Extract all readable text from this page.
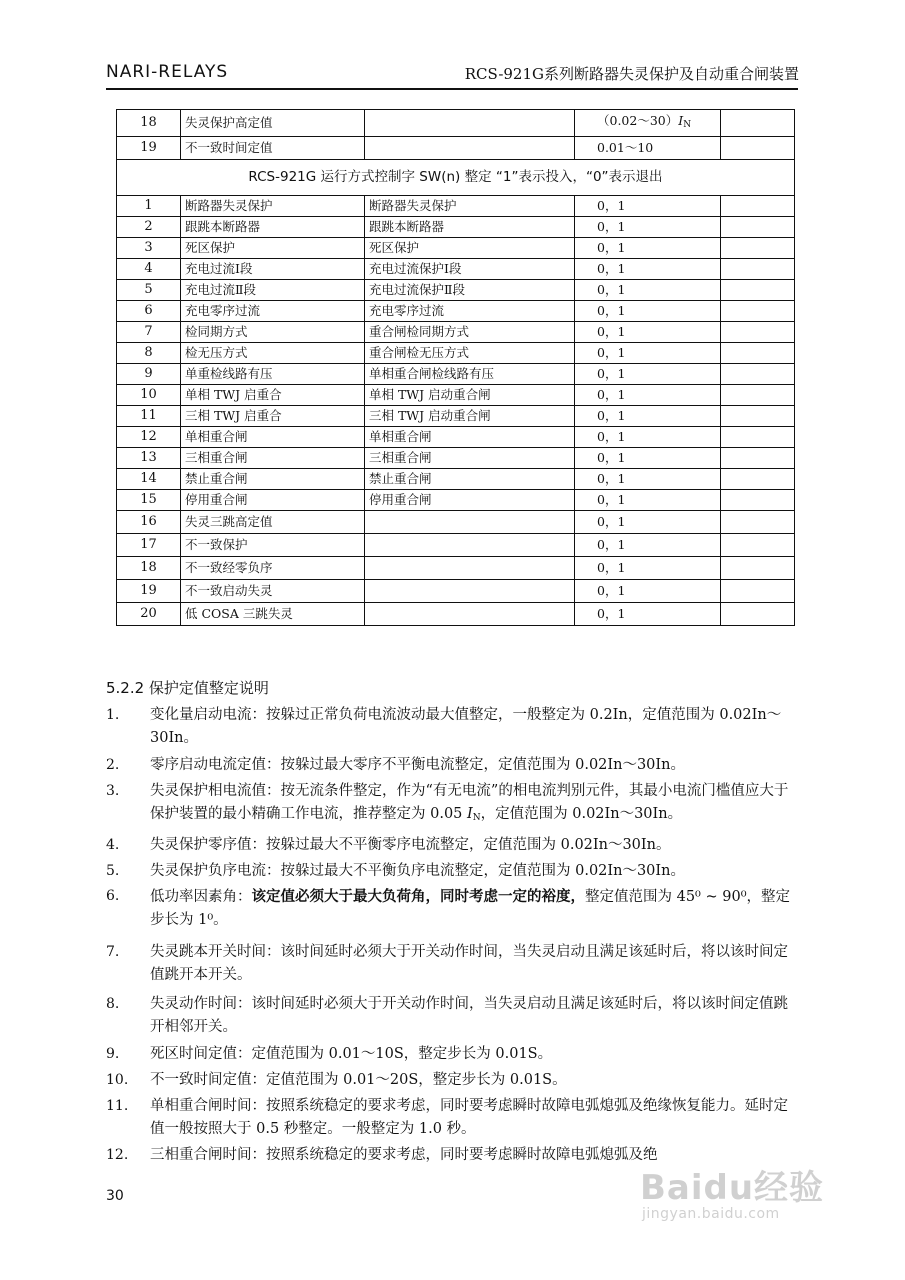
NARI-RELAYS	RCS-921G系列断路器失灵保护及自动重合闸装置
18	失灵保护高定值		$(0.02\sim 30)I_N$	
19	不一致时间定值		0.01～10	
RCS-921G 运行方式控制字 SW(n) 整定 “1”表示投入，“0”表示退出				
1	断路器失灵保护	断路器失灵保护	0，1	
2	跟跳本断路器	跟跳本断路器	0，1	
3	死区保护	死区保护	0，1	
4	充电过流Ⅰ段	充电过流保护Ⅰ段	0，1	
5	充电过流Ⅱ段	充电过流保护Ⅱ段	0，1	
6	充电零序过流	充电零序过流	0，1	
7	检同期方式	重合闸检同期方式	0，1	
8	检无压方式	重合闸检无压方式	0，1	
9	单重检线路有压	单相重合闸检线路有压	0，1	
10	单相 TWJ 启重合	单相 TWJ 启动重合闸	0，1	
11	三相 TWJ 启重合	三相 TWJ 启动重合闸	0，1	
12	单相重合闸	单相重合闸	0，1	
13	三相重合闸	三相重合闸	0，1	
14	禁止重合闸	禁止重合闸	0，1	
15	停用重合闸	停用重合闸	0，1	
16	失灵三跳高定值		0，1	
17	不一致保护		0，1	
18	不一致经零负序		0，1	
19	不一致启动失灵		0，1	
20	低 COSA 三跳失灵		0，1	
5.2.2 保护定值整定说明
1.	变化量启动电流：按躲过正常负荷电流波动最大值整定，一般整定为 0.2In，定值范围为 0.02In～30In。
2.	零序启动电流定值：按躲过最大零序不平衡电流整定，定值范围为 0.02In～30In。
3.	失灵保护相电流值：按无流条件整定，作为“有无电流”的相电流判别元件，其最小电流门槛值应大于保护装置的最小精确工作电流，推荐整定为 0.05 $I_N$，定值范围为 0.02In～30In。
4.	失灵保护零序值：按躲过最大不平衡零序电流整定，定值范围为 0.02In～30In。
5.	失灵保护负序电流：按躲过最大不平衡负序电流整定，定值范围为 0.02In～30In。
6.	低功率因素角：该定值必须大于最大负荷角，同时考虑一定的裕度，整定值范围为 45⁰ ~ 90⁰，整定步长为 1⁰。
7.	失灵跳本开关时间：该时间延时必须大于开关动作时间，当失灵启动且满足该延时后，将以该时间定值跳开本开关。
8.	失灵动作时间：该时间延时必须大于开关动作时间，当失灵启动且满足该延时后，将以该时间定值跳开相邻开关。
9.	死区时间定值：定值范围为 0.01～10S，整定步长为 0.01S。
10.	不一致时间定值：定值范围为 0.01～20S，整定步长为 0.01S。
11.	单相重合闸时间：按照系统稳定的要求考虑，同时要考虑瞬时故障电弧熄弧及绝缘恢复能力。延时定值一般按照大于 0.5 秒整定。一般整定为 1.0 秒。
12.	三相重合闸时间：按照系统稳定的要求考虑，同时要考虑瞬时故障电弧熄弧及绝
30	Baidu经验
jingyan.baidu.com
